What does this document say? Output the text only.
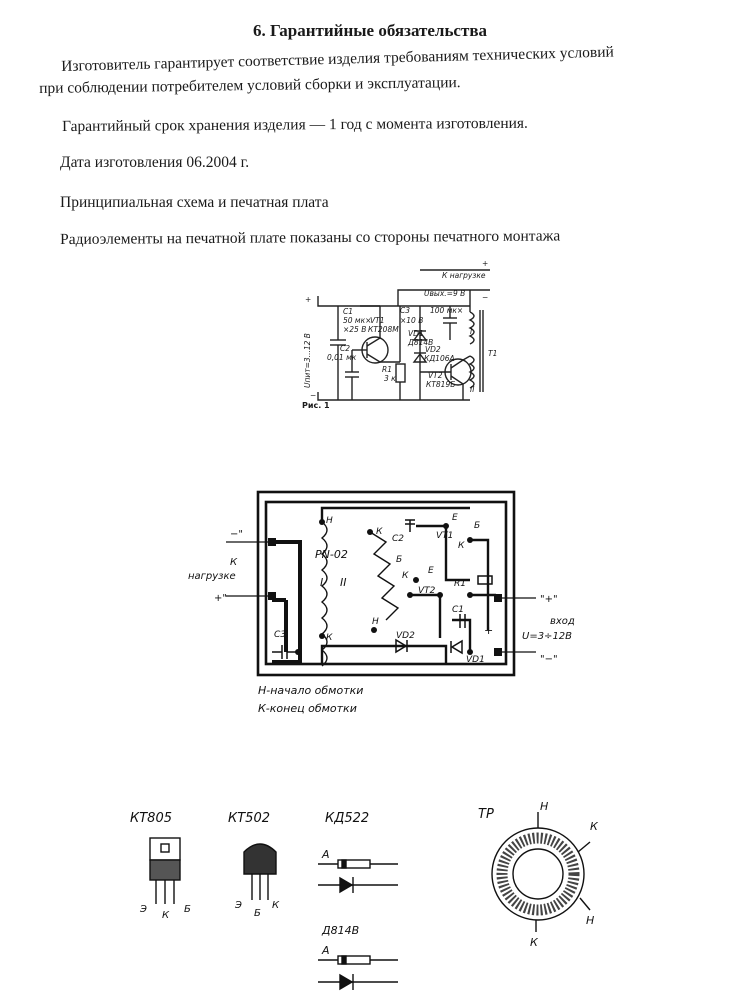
6. Гарантийные обязательства
Изготовитель гарантирует соответствие изделия требованиям технических условий
при соблюдении потребителем условий сборки и эксплуатации.
Гарантийный срок хранения изделия — 1 год с момента изготовления.
Дата изготовления 06.2004 г.
Принципиальная схема и печатная плата
Радиоэлементы на печатной плате показаны со стороны печатного монтажа
Рис. 1
К нагрузке
Uвых.=9 В
+
−
+
−
Uпит=3...12 В
C1
50 мк×
×25 В
VT1
КТ208М
C2
0,01 мк
R1
3 к
C3
×10 В
100 мк×
VD1
Д814В
VD2
КД106А
T1
VT2
КТ819Б
I
II
Н
К
PN-02
I II
К
Н
C2
C3
Б
Е
Б
VT1
К
Е
К
VT2
R1
C1
+
VD2
VD1
−"
К
нагрузке
+"	"+"
вход
U=3÷12В
"−"
Н-начало обмотки
К-конец обмотки
КТ805
Э
К
Б
КТ502
Э
Б
К
КД522
А
Д814В
А
ТР
Н
К
Н
К
